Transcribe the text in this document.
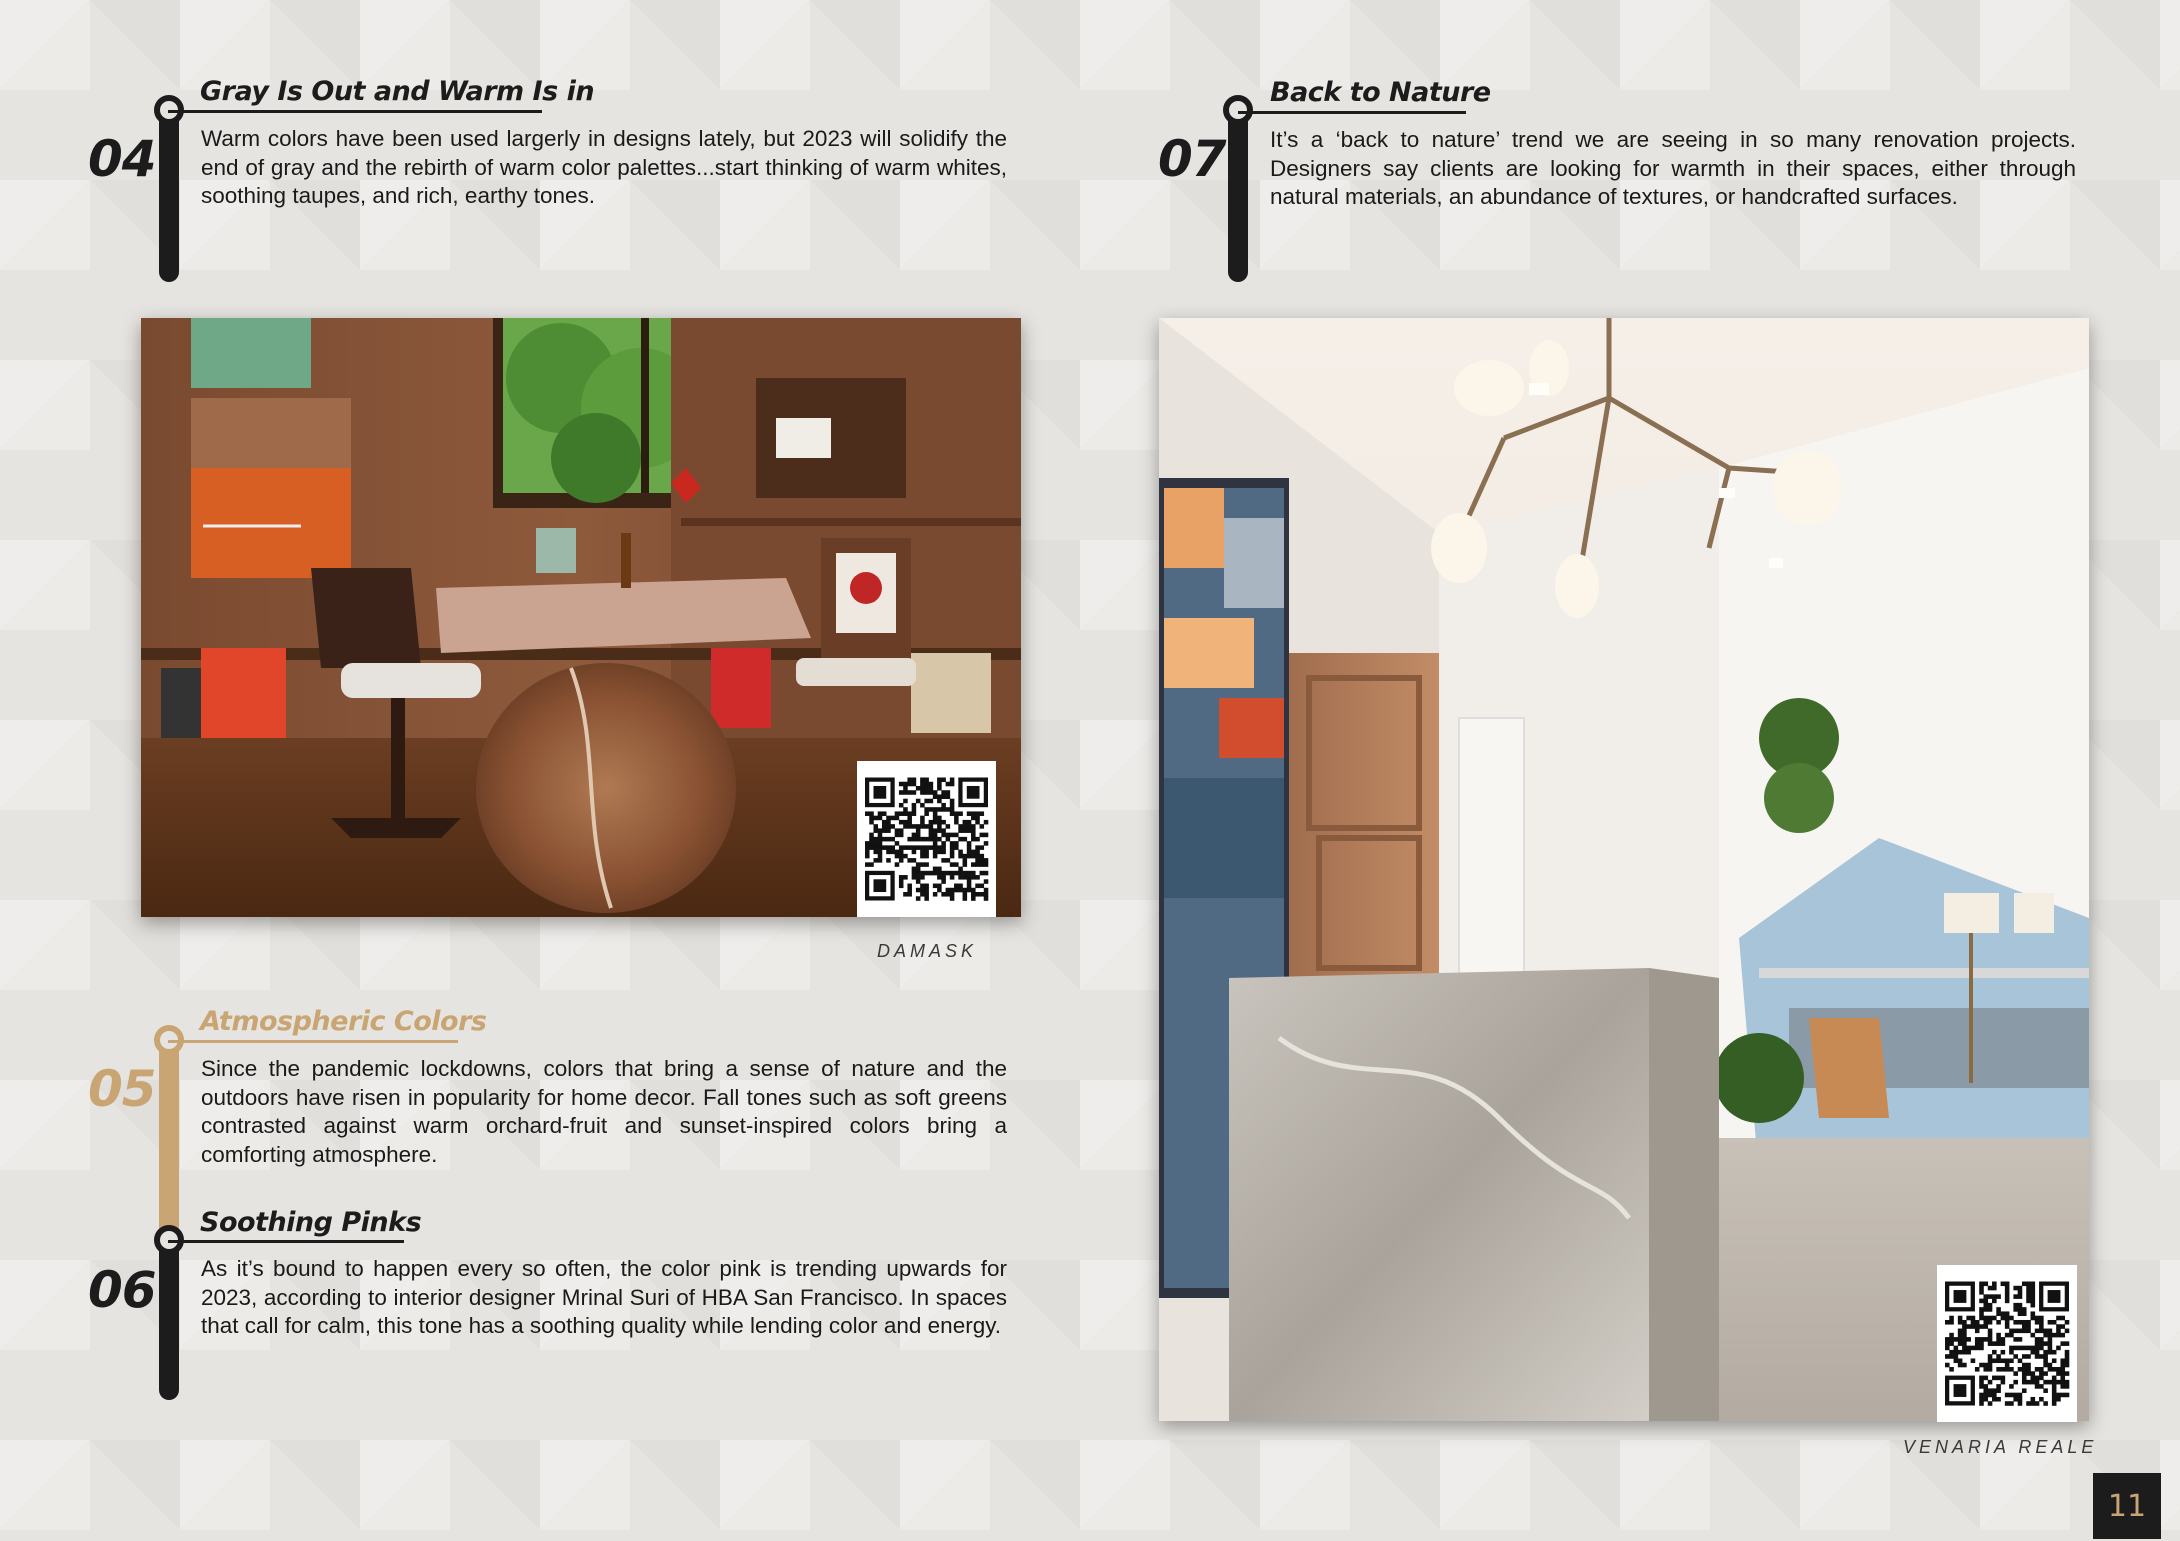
04
Gray Is Out and Warm Is in
Warm colors have been used largerly in designs lately, but 2023 will solidify the end of gray and the rebirth of warm color palettes...start thinking of warm whites, soothing taupes, and rich, earthy tones.
07
Back to Nature
It’s a ‘back to nature’ trend we are seeing in so many renovation projects. Designers say clients are looking for warmth in their spaces, either through natural materials, an abundance of textures, or handcrafted surfaces.
DAMASK
05
Atmospheric Colors
Since the pandemic lockdowns, colors that bring a sense of nature and the outdoors have risen in popularity for home decor. Fall tones such as soft greens contrasted against warm orchard-fruit and sunset-inspired colors bring a comforting atmosphere.
06
Soothing Pinks
As it’s bound to happen every so often, the color pink is trending upwards for 2023, according to interior designer Mrinal Suri of HBA San Francisco. In spaces that call for calm, this tone has a soothing quality while lending color and energy.
VENARIA REALE
11
